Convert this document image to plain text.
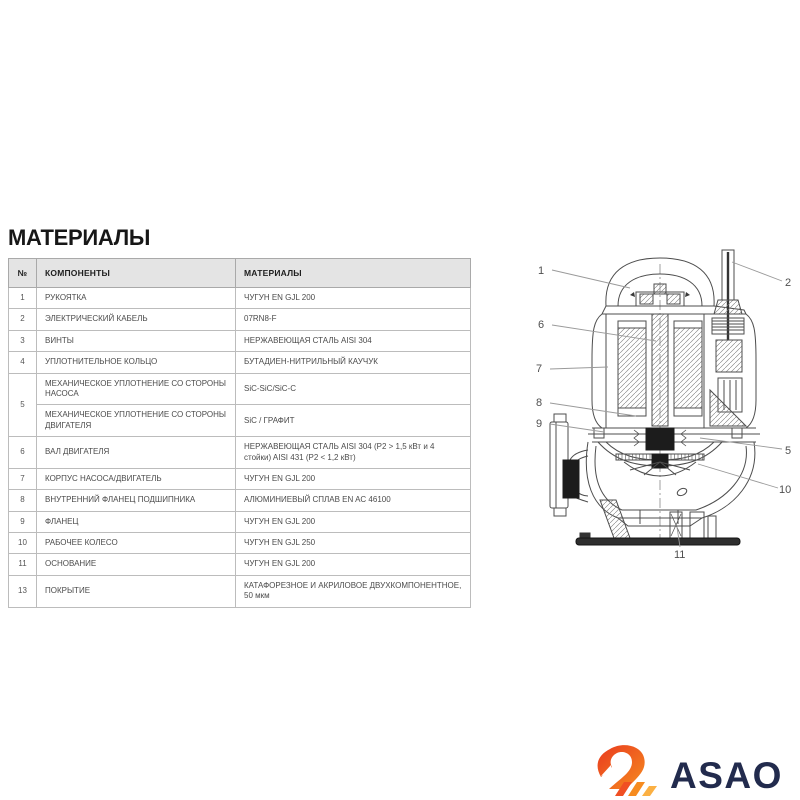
МАТЕРИАЛЫ
№	КОМПОНЕНТЫ	МАТЕРИАЛЫ
1	РУКОЯТКА	ЧУГУН EN GJL 200
2	ЭЛЕКТРИЧЕСКИЙ КАБЕЛЬ	07RN8-F
3	ВИНТЫ	НЕРЖАВЕЮЩАЯ СТАЛЬ AISI 304
4	УПЛОТНИТЕЛЬНОЕ КОЛЬЦО	БУТАДИЕН-НИТРИЛЬНЫЙ КАУЧУК
5	МЕХАНИЧЕСКОЕ УПЛОТНЕНИЕ СО СТОРОНЫ НАСОСА	SiC-SiC/SiC-C
	МЕХАНИЧЕСКОЕ УПЛОТНЕНИЕ СО СТОРОНЫ ДВИГАТЕЛЯ	SiC / ГРАФИТ
6	ВАЛ ДВИГАТЕЛЯ	НЕРЖАВЕЮЩАЯ СТАЛЬ AISI 304 (P2 > 1,5 кВт и 4 стойки) AISI 431 (P2 < 1,2 кВт)
7	КОРПУС НАСОСА/ДВИГАТЕЛЬ	ЧУГУН EN GJL 200
8	ВНУТРЕННИЙ ФЛАНЕЦ ПОДШИПНИКА	АЛЮМИНИЕВЫЙ СПЛАВ EN AC 46100
9	ФЛАНЕЦ	ЧУГУН EN GJL 200
10	РАБОЧЕЕ КОЛЕСО	ЧУГУН EN GJL 250
11	ОСНОВАНИЕ	ЧУГУН EN GJL 200
13	ПОКРЫТИЕ	КАТАФОРЕЗНОЕ И АКРИЛОВОЕ ДВУХКОМПОНЕНТНОЕ, 50 мкм
1
2
6
7
8
9
5
10
11
ASAO
